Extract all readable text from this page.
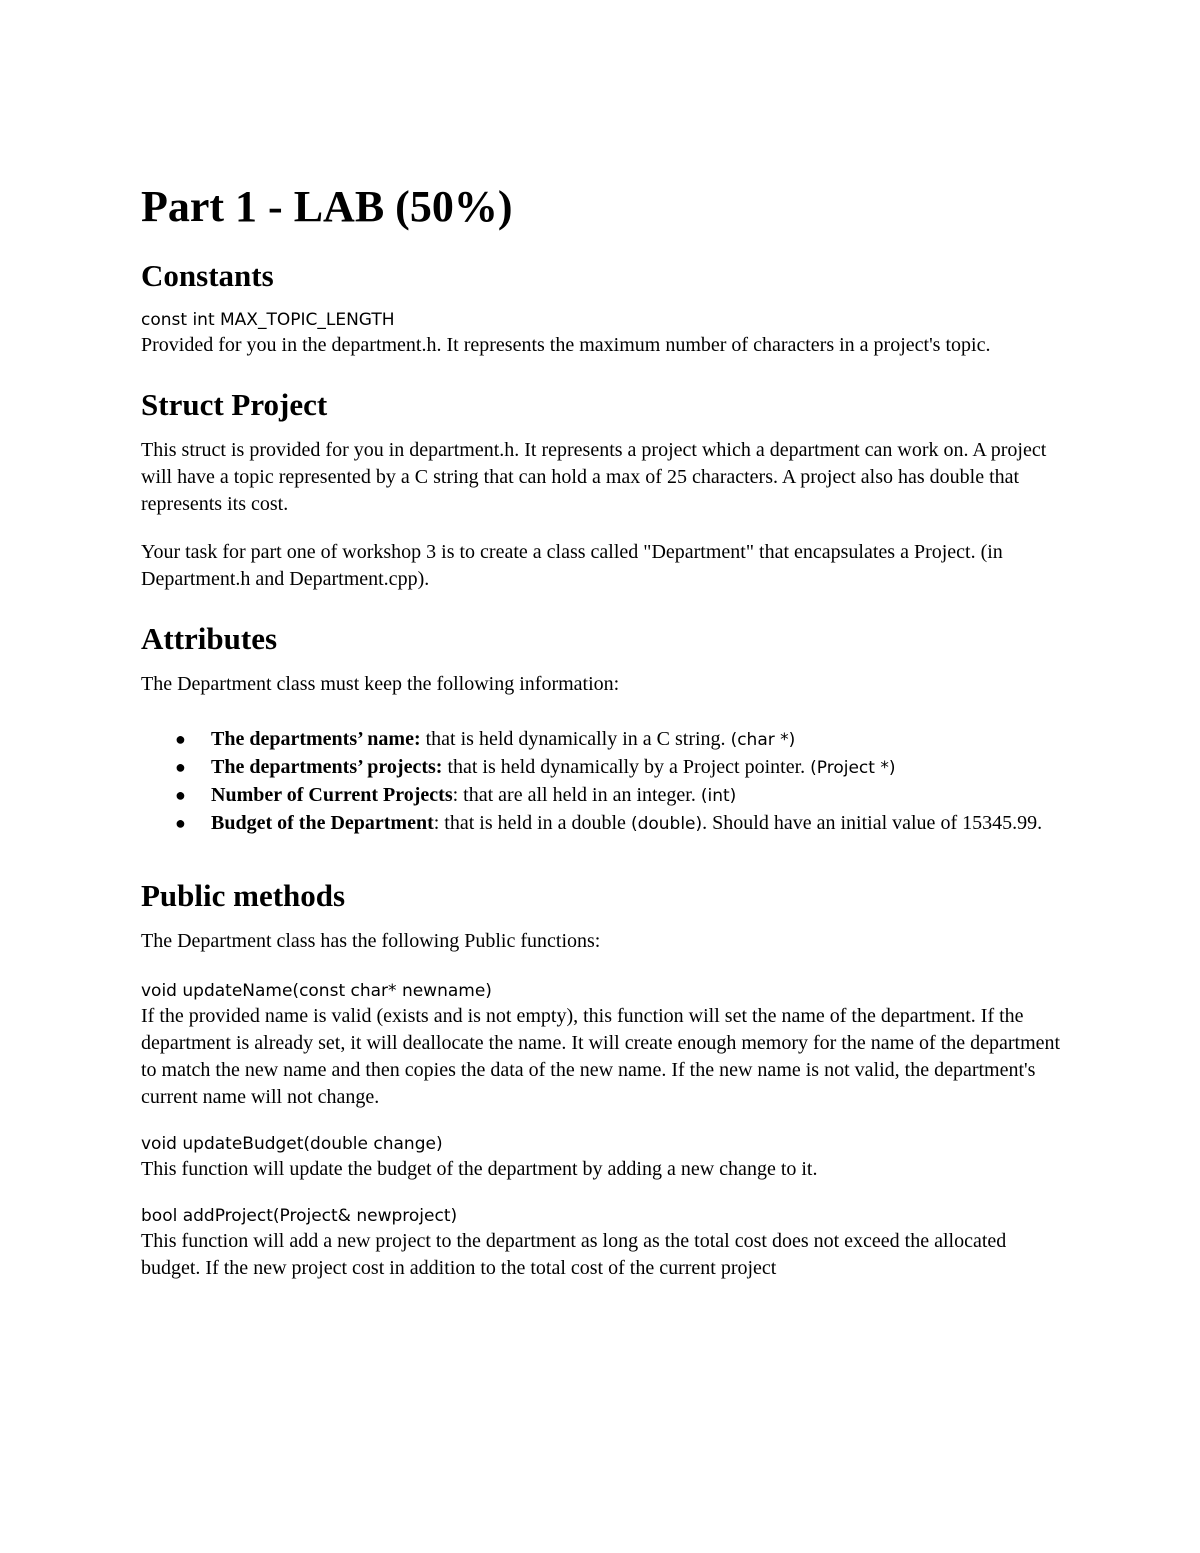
Part 1 - LAB (50%)
Constants

const int MAX_TOPIC_LENGTH
Provided for you in the department.h. It represents the maximum number of characters in a project's topic.

Struct Project

This struct is provided for you in department.h. It represents a project which a department can work on. A project will have a topic represented by a C string that can hold a max of 25 characters. A project also has double that represents its cost.

Your task for part one of workshop 3 is to create a class called "Department" that encapsulates a Project. (in Department.h and Department.cpp).

Attributes

The Department class must keep the following information:

● The departments’ name: that is held dynamically in a C string. (char *)
● The departments’ projects: that is held dynamically by a Project pointer. (Project *)
● Number of Current Projects: that are all held in an integer. (int)
● Budget of the Department: that is held in a double (double). Should have an initial value of 15345.99.
Public methods

The Department class has the following Public functions:

void updateName(const char* newname)
If the provided name is valid (exists and is not empty), this function will set the name of the department. If the department is already set, it will deallocate the name. It will create enough memory for the name of the department to match the new name and then copies the data of the new name. If the new name is not valid, the department's current name will not change.

void updateBudget(double change)
This function will update the budget of the department by adding a new change to it.

bool addProject(Project& newproject)
This function will add a new project to the department as long as the total cost does not exceed the allocated budget. If the new project cost in addition to the total cost of the current project
